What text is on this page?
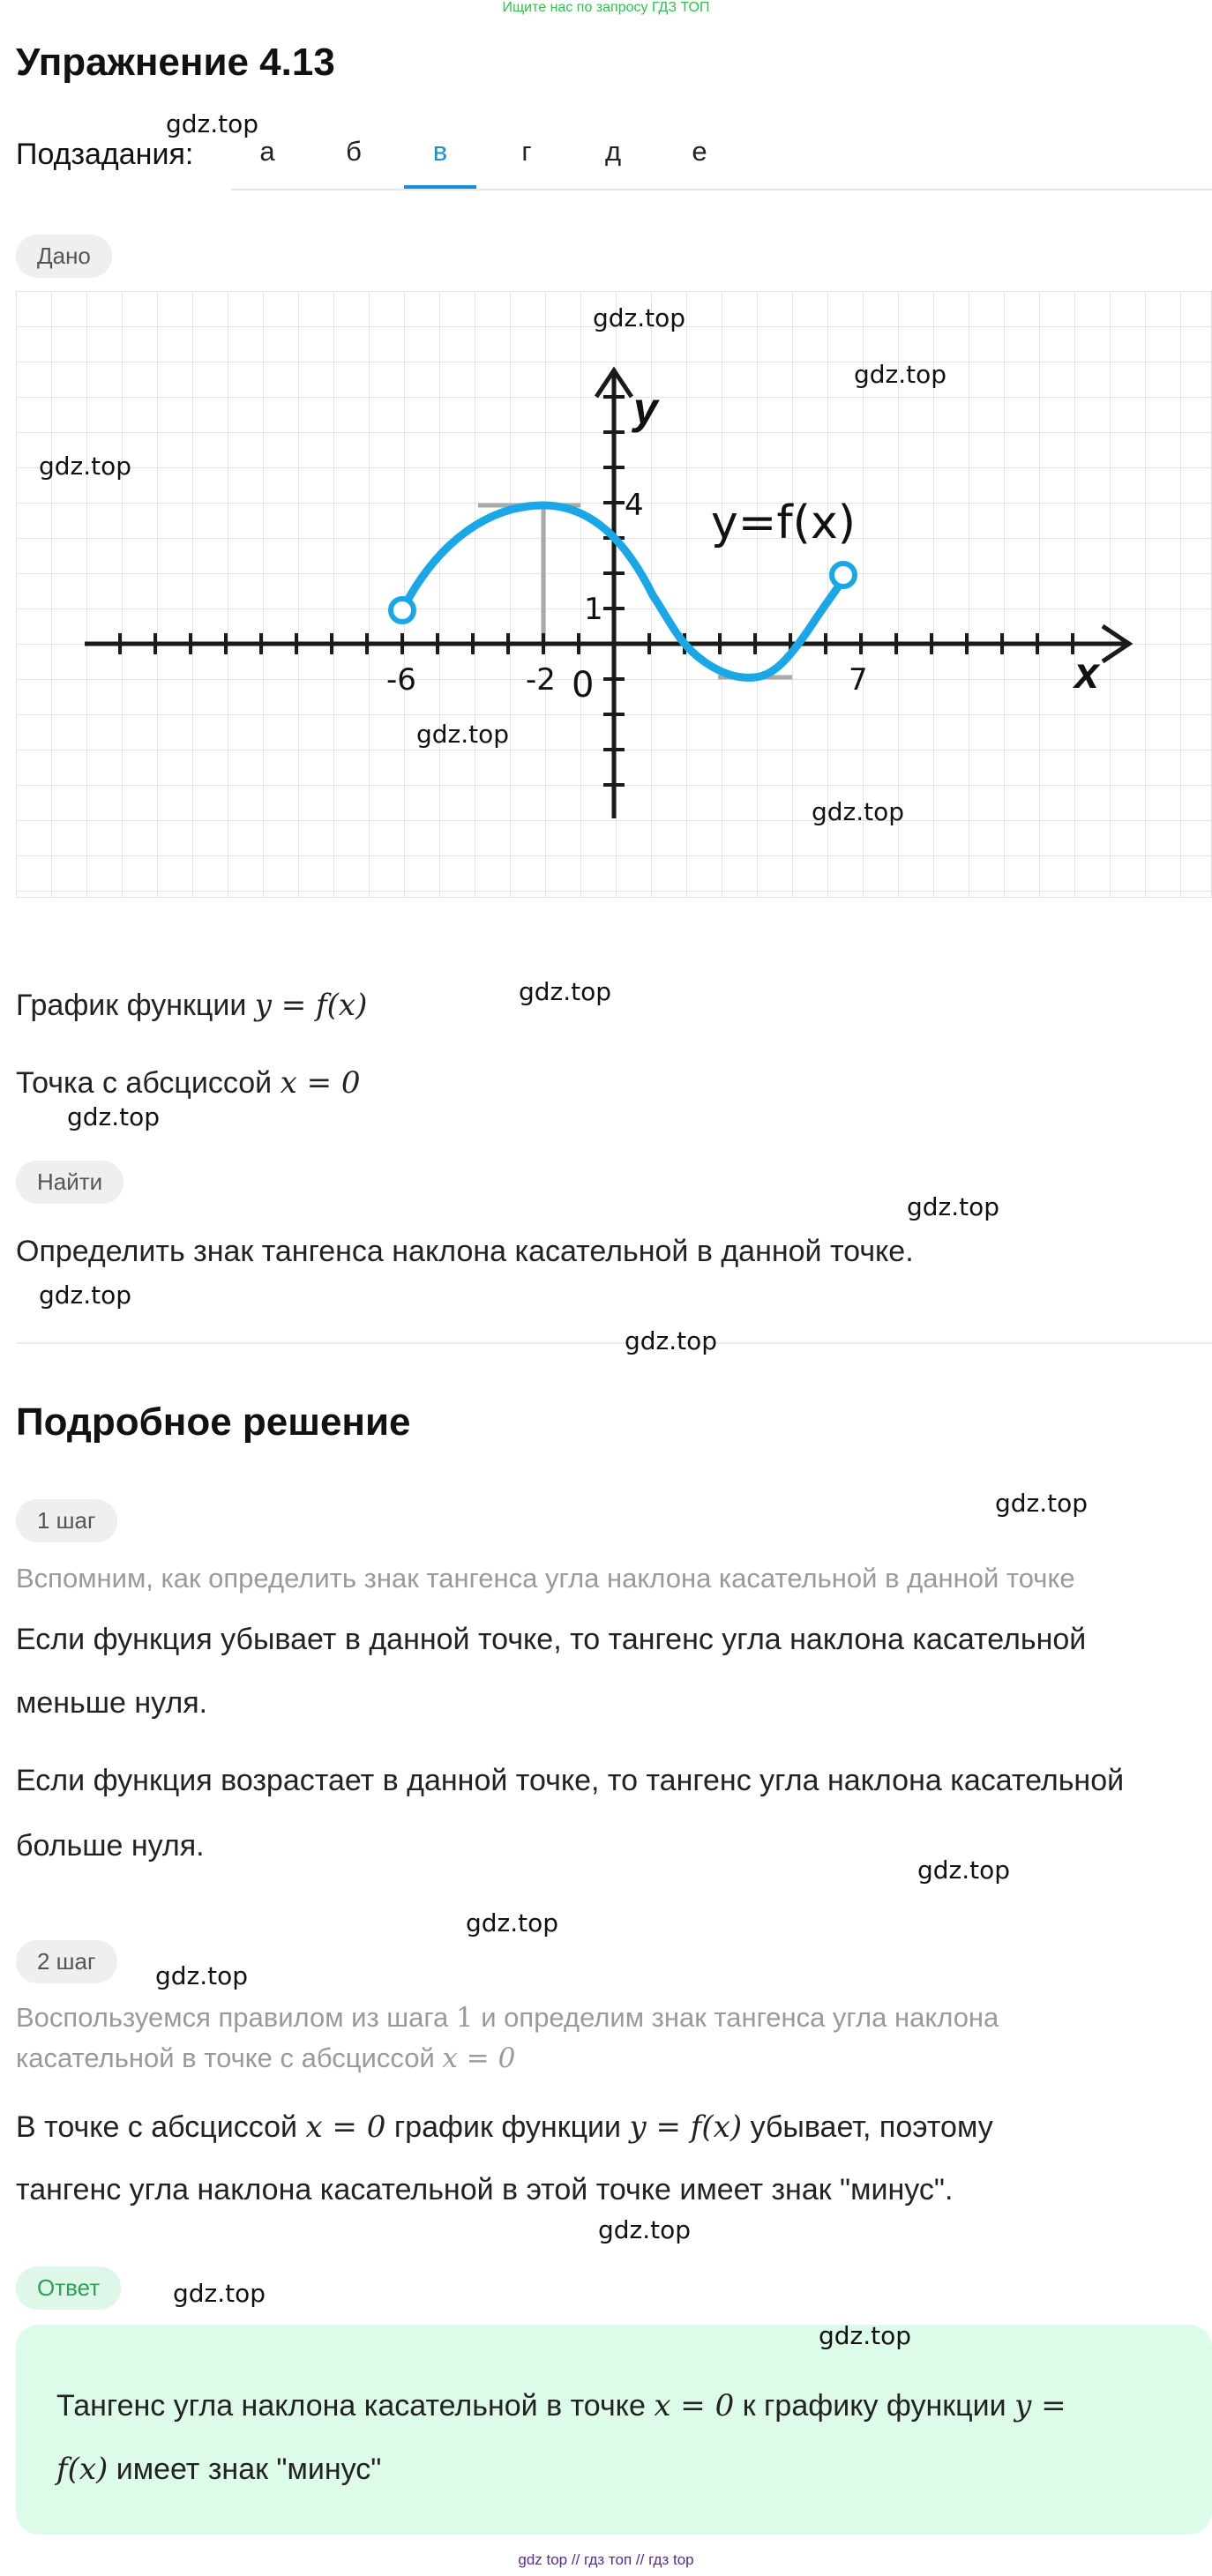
Ищите нас по запросу ГДЗ ТОП
Упражнение 4.13
Подзадания:	а	б	в	г	д	е
Дано
y
x
y=f(x)
-6	-2 0	7
4
1
График функции y = f(x)
Точка с абсциссой x = 0
Найти
Определить знак тангенса наклона касательной в данной точке.
Подробное решение
1 шаг
Вспомним, как определить знак тангенса угла наклона касательной в данной точке
Если функция убывает в данной точке, то тангенс угла наклона касательной
меньше нуля.
Если функция возрастает в данной точке, то тангенс угла наклона касательной
больше нуля.
2 шаг
Воспользуемся правилом из шага 1 и определим знак тангенса угла наклона
касательной в точке с абсциссой x = 0
В точке с абсциссой x = 0 график функции y = f(x) убывает, поэтому
тангенс угла наклона касательной в этой точке имеет знак "минус".
Ответ
Тангенс угла наклона касательной в точке x = 0 к графику функции y =
f(x) имеет знак "минус"
gdz.top
gdz.top
gdz.top
gdz.top
gdz.top
gdz.top
gdz.top
gdz.top
gdz.top
gdz.top
gdz.top
gdz.top
gdz.top
gdz.top
gdz.top
gdz.top
gdz.top
gdz.top
gdz top // гдз топ // гдз top
